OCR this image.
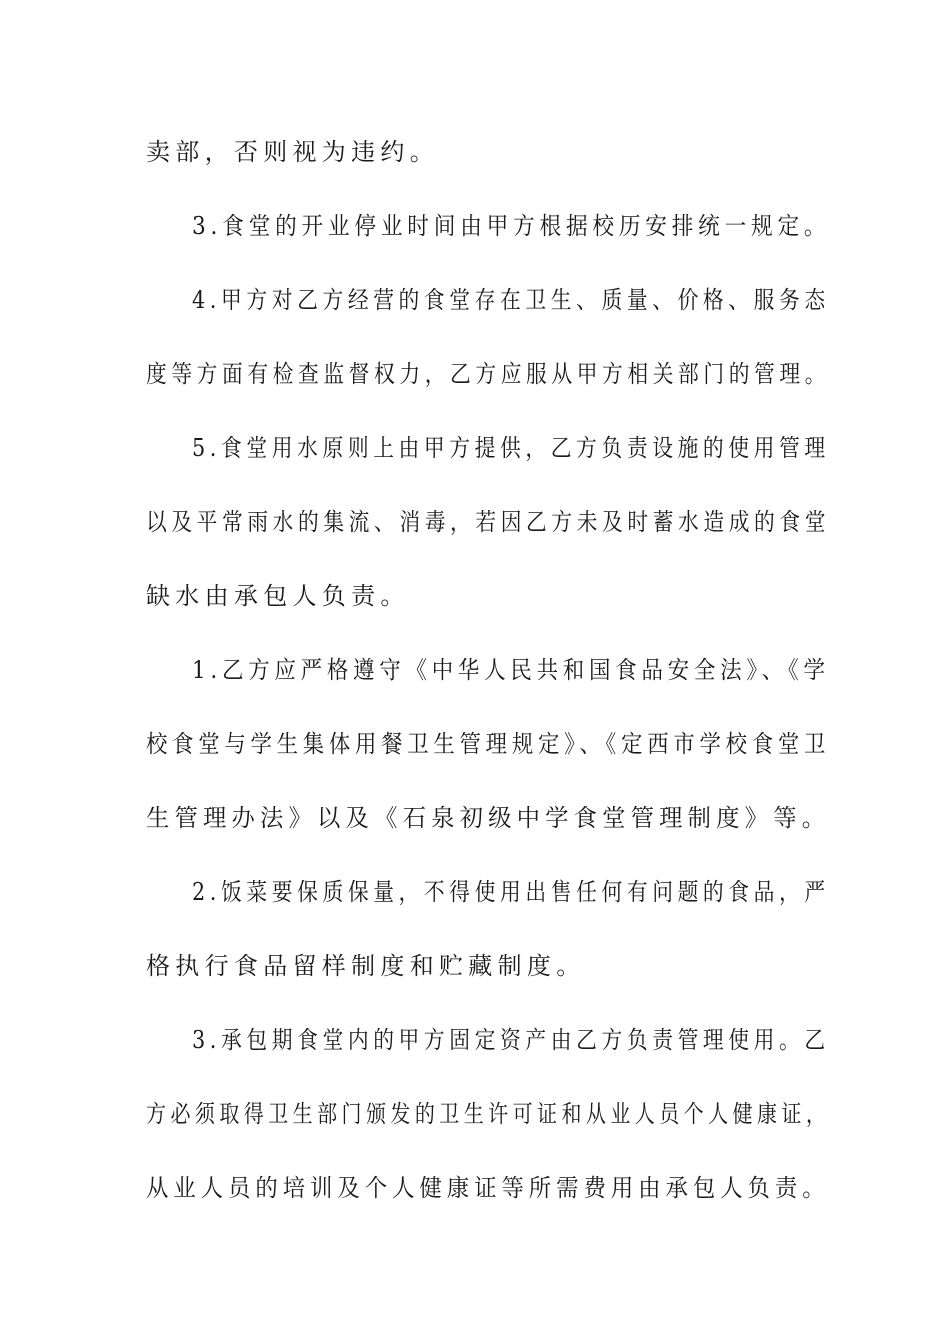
卖部，否则视为违约。
3.食堂的开业停业时间由甲方根据校历安排统一规定。
4.甲方对乙方经营的食堂存在卫生、质量、价格、服务态
度等方面有检查监督权力，乙方应服从甲方相关部门的管理。
5.食堂用水原则上由甲方提供，乙方负责设施的使用管理
以及平常雨水的集流、消毒，若因乙方未及时蓄水造成的食堂
缺水由承包人负责。
1.乙方应严格遵守《中华人民共和国食品安全法》、《学
校食堂与学生集体用餐卫生管理规定》、《定西市学校食堂卫
生管理办法》以及《石泉初级中学食堂管理制度》等。
2.饭菜要保质保量，不得使用出售任何有问题的食品，严
格执行食品留样制度和贮藏制度。
3.承包期食堂内的甲方固定资产由乙方负责管理使用。乙
方必须取得卫生部门颁发的卫生许可证和从业人员个人健康证，
从业人员的培训及个人健康证等所需费用由承包人负责。
